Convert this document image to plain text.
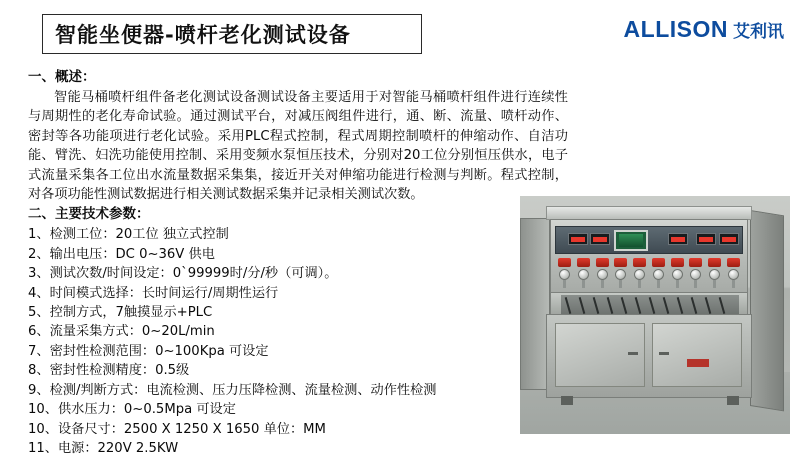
智能坐便器-喷杆老化测试设备	ALLISON 艾利讯

一、概述：

智能马桶喷杆组件备老化测试设备测试设备主要适用于对智能马桶喷杆组件进行连续性与周期性的老化寿命试验。通过测试平台，对减压阀组件进行，通、断、流量、喷杆动作、密封等各功能项进行老化试验。采用PLC程式控制，程式周期控制喷杆的伸缩动作、自洁功能、臂洗、妇洗功能使用控制、采用变频水泵恒压技术，分别对20工位分别恒压供水，电子式流量采集各工位出水流量数据采集集，接近开关对伸缩功能进行检测与判断。程式控制，对各项功能性测试数据进行相关测试数据采集并记录相关测试次数。

二、主要技术参数：

1、检测工位：20工位 独立式控制
2、输出电压：DC 0~36V 供电
3、测试次数/时间设定：0`99999时/分/秒（可调）。
4、时间模式选择：长时间运行/周期性运行
5、控制方式，7触摸显示+PLC
6、流量采集方式：0~20L/min
7、密封性检测范围：0~100Kpa 可设定
8、密封性检测精度：0.5级
9、检测/判断方式：电流检测、压力压降检测、流量检测、动作性检测
10、供水压力：0~0.5Mpa 可设定
10、设备尺寸：2500 X 1250 X 1650 单位：MM
11、电源：220V 2.5KW
